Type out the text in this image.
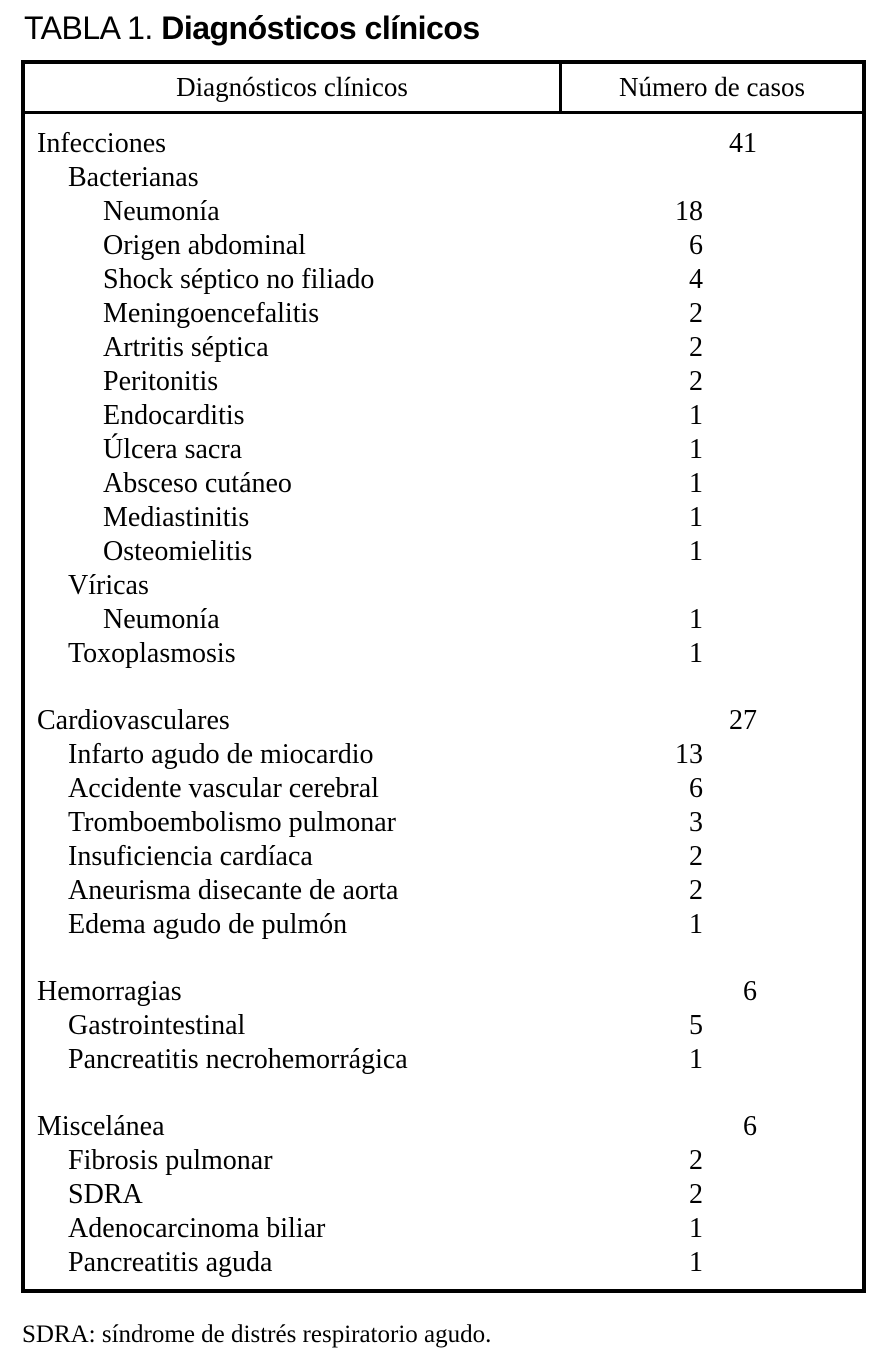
TABLA 1. Diagnósticos clínicos
Diagnósticos clínicos	Número de casos
Infecciones	41
Bacterianas
Neumonía	18
Origen abdominal	6
Shock séptico no filiado	4
Meningoencefalitis	2
Artritis séptica	2
Peritonitis	2
Endocarditis	1
Úlcera sacra	1
Absceso cutáneo	1
Mediastinitis	1
Osteomielitis	1
Víricas
Neumonía	1
Toxoplasmosis	1
Cardiovasculares	27
Infarto agudo de miocardio	13
Accidente vascular cerebral	6
Tromboembolismo pulmonar	3
Insuficiencia cardíaca	2
Aneurisma disecante de aorta	2
Edema agudo de pulmón	1
Hemorragias	6
Gastrointestinal	5
Pancreatitis necrohemorrágica	1
Miscelánea	6
Fibrosis pulmonar	2
SDRA	2
Adenocarcinoma biliar	1
Pancreatitis aguda	1
SDRA: síndrome de distrés respiratorio agudo.
